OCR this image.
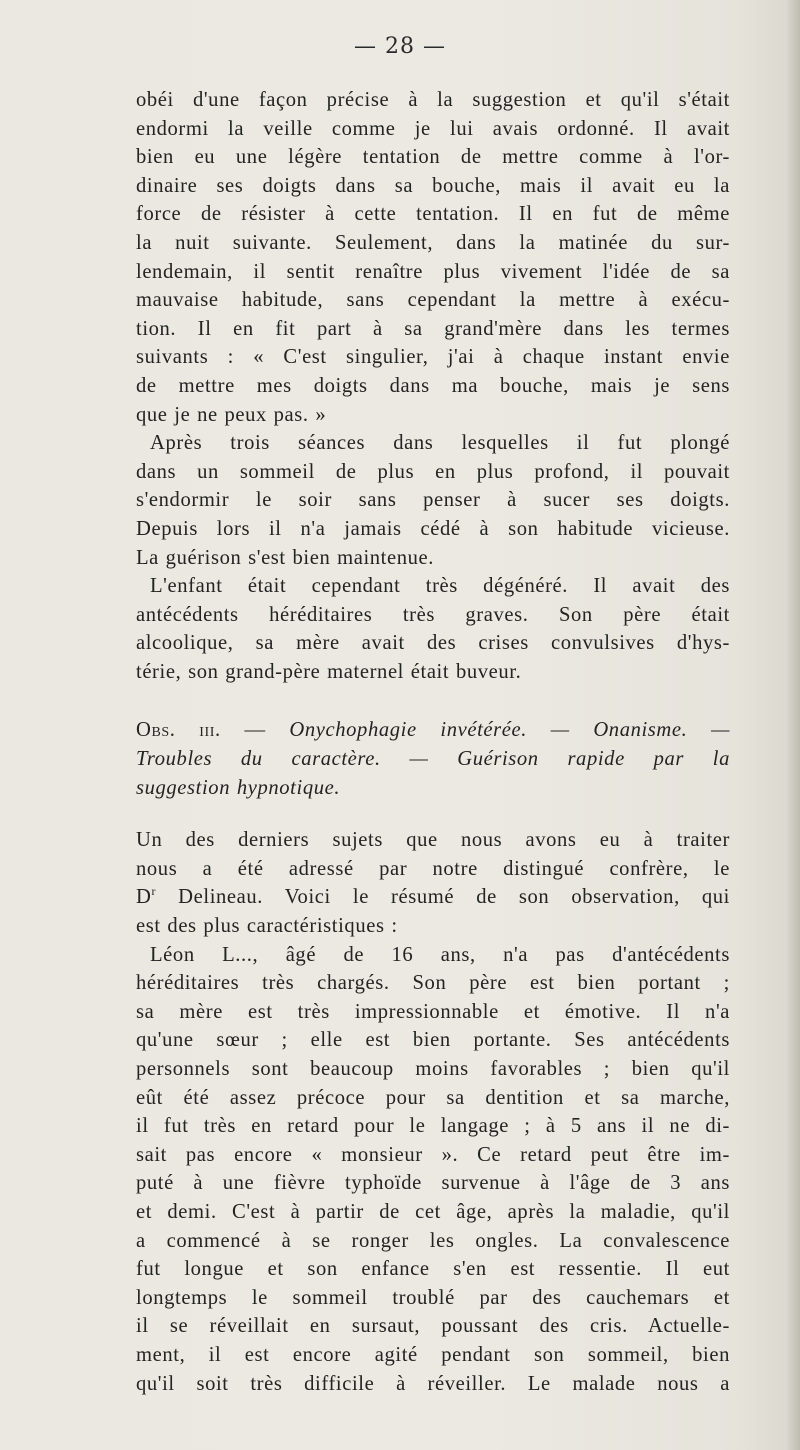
— 28 —
obéi d'une façon précise à la suggestion et qu'il s'était
endormi la veille comme je lui avais ordonné. Il avait
bien eu une légère tentation de mettre comme à l'or-
dinaire ses doigts dans sa bouche, mais il avait eu la
force de résister à cette tentation. Il en fut de même
la nuit suivante. Seulement, dans la matinée du sur-
lendemain, il sentit renaître plus vivement l'idée de sa
mauvaise habitude, sans cependant la mettre à exécu-
tion. Il en fit part à sa grand'mère dans les termes
suivants : « C'est singulier, j'ai à chaque instant envie
de mettre mes doigts dans ma bouche, mais je sens
que je ne peux pas. »
Après trois séances dans lesquelles il fut plongé
dans un sommeil de plus en plus profond, il pouvait
s'endormir le soir sans penser à sucer ses doigts.
Depuis lors il n'a jamais cédé à son habitude vicieuse.
La guérison s'est bien maintenue.
L'enfant était cependant très dégénéré. Il avait des
antécédents héréditaires très graves. Son père était
alcoolique, sa mère avait des crises convulsives d'hys-
térie, son grand-père maternel était buveur.
Obs. iii. — Onychophagie invétérée. — Onanisme. —
Troubles du caractère. — Guérison rapide par la
suggestion hypnotique.
Un des derniers sujets que nous avons eu à traiter
nous a été adressé par notre distingué confrère, le
$D^r$ Delineau. Voici le résumé de son observation, qui
est des plus caractéristiques :
Léon L..., âgé de 16 ans, n'a pas d'antécédents
héréditaires très chargés. Son père est bien portant ;
sa mère est très impressionnable et émotive. Il n'a
qu'une sœur ; elle est bien portante. Ses antécédents
personnels sont beaucoup moins favorables ; bien qu'il
eût été assez précoce pour sa dentition et sa marche,
il fut très en retard pour le langage ; à 5 ans il ne di-
sait pas encore « monsieur ». Ce retard peut être im-
puté à une fièvre typhoïde survenue à l'âge de 3 ans
et demi. C'est à partir de cet âge, après la maladie, qu'il
a commencé à se ronger les ongles. La convalescence
fut longue et son enfance s'en est ressentie. Il eut
longtemps le sommeil troublé par des cauchemars et
il se réveillait en sursaut, poussant des cris. Actuelle-
ment, il est encore agité pendant son sommeil, bien
qu'il soit très difficile à réveiller. Le malade nous a
